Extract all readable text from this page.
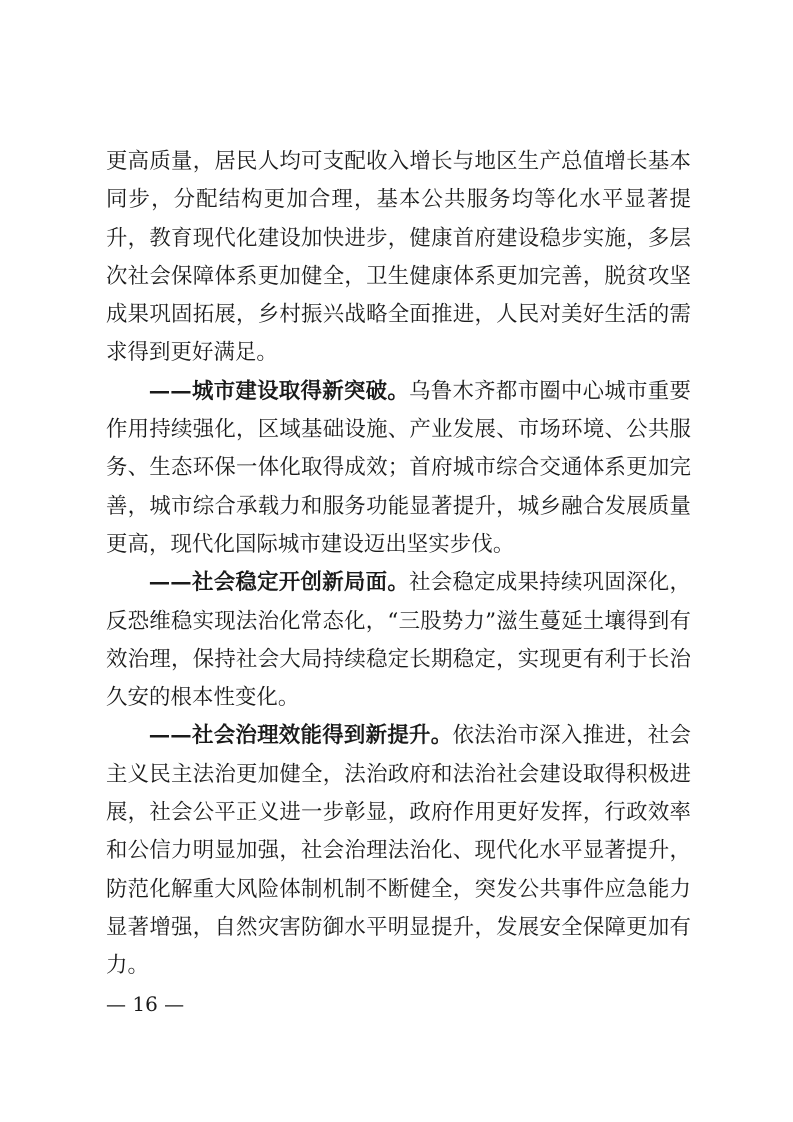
更高质量，居民人均可支配收入增长与地区生产总值增长基本同步，分配结构更加合理，基本公共服务均等化水平显著提升，教育现代化建设加快进步，健康首府建设稳步实施，多层次社会保障体系更加健全，卫生健康体系更加完善，脱贫攻坚成果巩固拓展，乡村振兴战略全面推进，人民对美好生活的需求得到更好满足。

——城市建设取得新突破。乌鲁木齐都市圈中心城市重要作用持续强化，区域基础设施、产业发展、市场环境、公共服务、生态环保一体化取得成效；首府城市综合交通体系更加完善，城市综合承载力和服务功能显著提升，城乡融合发展质量更高，现代化国际城市建设迈出坚实步伐。

——社会稳定开创新局面。社会稳定成果持续巩固深化，反恐维稳实现法治化常态化，“三股势力”滋生蔓延土壤得到有效治理，保持社会大局持续稳定长期稳定，实现更有利于长治久安的根本性变化。

——社会治理效能得到新提升。依法治市深入推进，社会主义民主法治更加健全，法治政府和法治社会建设取得积极进展，社会公平正义进一步彰显，政府作用更好发挥，行政效率和公信力明显加强，社会治理法治化、现代化水平显著提升，防范化解重大风险体制机制不断健全，突发公共事件应急能力显著增强，自然灾害防御水平明显提升，发展安全保障更加有力。

— 16 —
